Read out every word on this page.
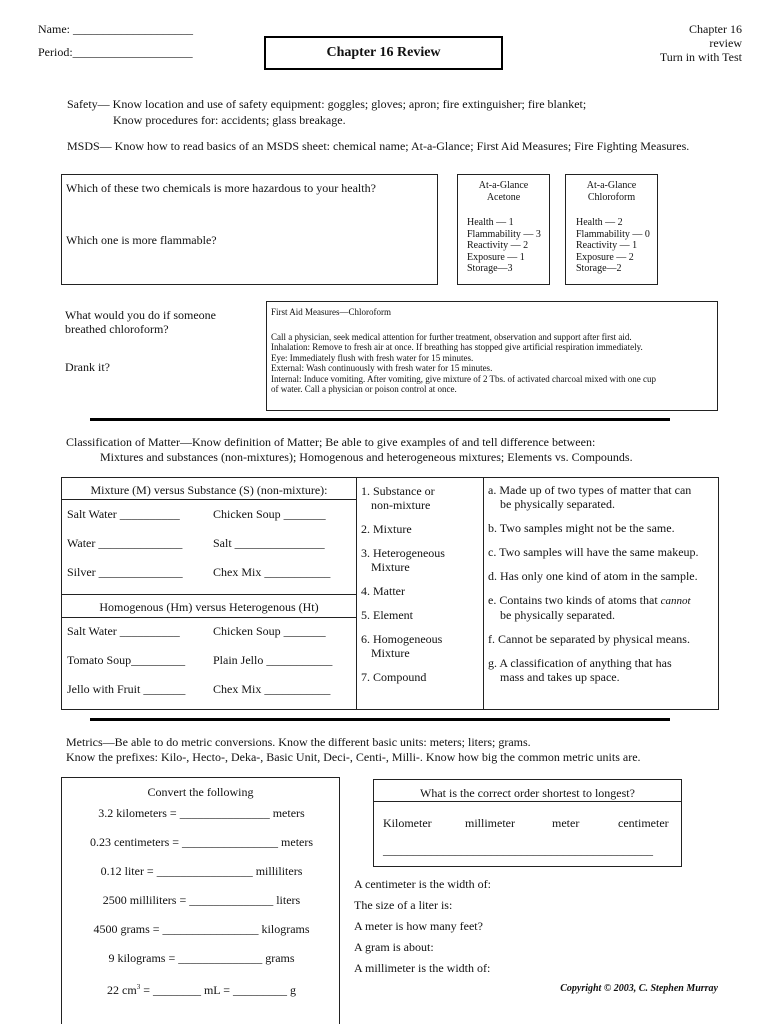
Name: ____________________
Period:____________________	Chapter 16 Review
Chapter 16
review
Turn in with Test
Safety— Know location and use of safety equipment: goggles; gloves; apron; fire extinguisher; fire blanket;
Know procedures for: accidents; glass breakage.
MSDS— Know how to read basics of an MSDS sheet: chemical name; At-a-Glance; First Aid Measures; Fire Fighting Measures.
Which of these two chemicals is more hazardous to your health?
Which one is more flammable?
At-a-Glance
Acetone
Health — 1
Flammability — 3
Reactivity — 2
Exposure — 1
Storage—3
At-a-Glance
Chloroform
Health — 2
Flammability — 0
Reactivity — 1
Exposure — 2
Storage—2
What would you do if someone
breathed chloroform?
Drank it?
First Aid Measures—Chloroform
Call a physician, seek medical attention for further treatment, observation and support after first aid.
Inhalation: Remove to fresh air at once. If breathing has stopped give artificial respiration immediately.
Eye: Immediately flush with fresh water for 15 minutes.
External: Wash continuously with fresh water for 15 minutes.
Internal: Induce vomiting. After vomiting, give mixture of 2 Tbs. of activated charcoal mixed with one cup
of water. Call a physician or poison control at once.
Classification of Matter—Know definition of Matter; Be able to give examples of and tell difference between:
Mixtures and substances (non-mixtures); Homogenous and heterogeneous mixtures; Elements vs. Compounds.
Mixture (M) versus Substance (S) (non-mixture):
Salt Water __________	Chicken Soup _______
Water ______________	Salt _______________
Silver ______________	Chex Mix ___________
Homogenous (Hm) versus Heterogenous (Ht)
Salt Water __________	Chicken Soup _______
Tomato Soup_________ Plain Jello ___________
Jello with Fruit _______ Chex Mix ___________
1. Substance or
non-mixture
2. Mixture
3. Heterogeneous
Mixture
4. Matter
5. Element
6. Homogeneous
Mixture
7. Compound
a. Made up of two types of matter that can
be physically separated.
b. Two samples might not be the same.
c. Two samples will have the same makeup.
d. Has only one kind of atom in the sample.
e. Contains two kinds of atoms that cannot
be physically separated.
f. Cannot be separated by physical means.
g. A classification of anything that has
mass and takes up space.
Metrics—Be able to do metric conversions. Know the different basic units: meters; liters; grams.
Know the prefixes: Kilo-, Hecto-, Deka-, Basic Unit, Deci-, Centi-, Milli-. Know how big the common metric units are.
Convert the following
3.2 kilometers = _______________ meters
0.23 centimeters = ________________ meters
0.12 liter = ________________ milliliters
2500 milliliters = ______________ liters
4500 grams = ________________ kilograms
9 kilograms = ______________ grams
22 $cm^3$ = ________ mL = _________ g
What is the correct order shortest to longest?
Kilometer	millimeter	meter	centimeter
_____________________________________________
A centimeter is the width of:
The size of a liter is:
A meter is how many feet?
A gram is about:
A millimeter is the width of:
Copyright © 2003, C. Stephen Murray
